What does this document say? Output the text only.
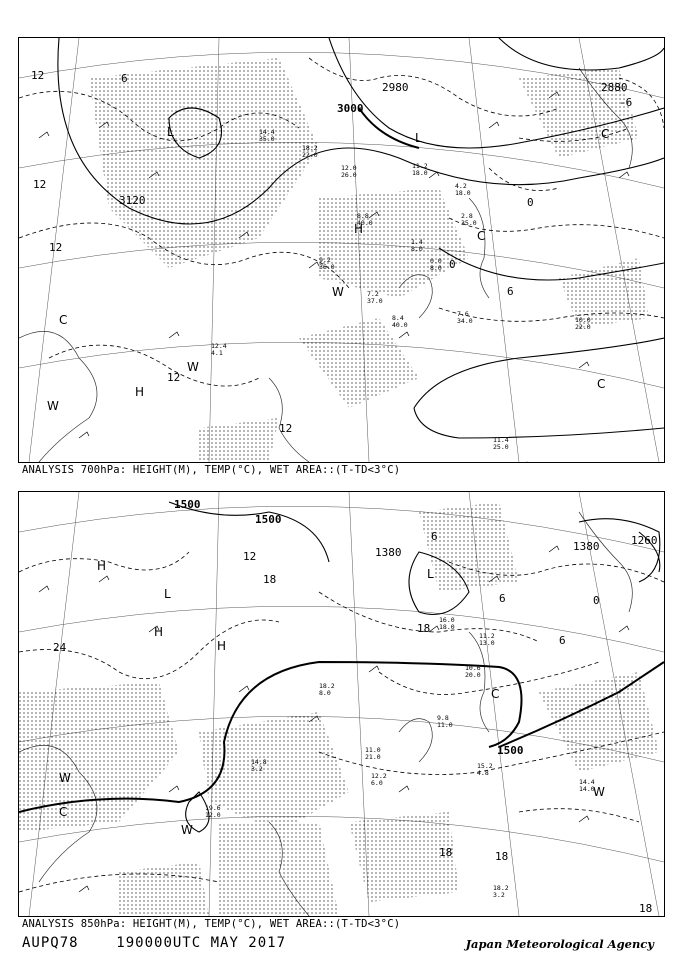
3000
2980
3120
2880
12
12
12
12
6
6
0
0
-6
12
L	L
H
H
W
W
W
C
C
C
C
14.4 35.0
18.2 22.0
12.0 26.0
9.2 36.0
8.8 40.0
7.2 37.0
8.4 40.0
1.4 8.0
0.0 8.0
2.8 35.0
10.0 22.0
7.6 34.0
11.4 25.0
12.4 4.1
11.2 18.0
4.2 18.0
ANALYSIS 700hPa: HEIGHT(M), TEMP(°C), WET AREA::(T-TD<3°C)
1500
1500
1380	1380	1260
1500
24
18
18
18	18
12
6
6
6	0
18
H
L
H
H
L
C
C
W
W
W
10.6 20.0
11.0 21.0
12.2 6.0
15.2 4.8
14.4 14.0
18.2 3.2
19.6 12.0
14.8 3.2
9.8 11.0
16.0 18.0
11.2 13.0
18.2 8.0
ANALYSIS 850hPa: HEIGHT(M), TEMP(°C), WET AREA::(T-TD<3°C)
AUPQ78	190000UTC MAY 2017	Japan Meteorological Agency
